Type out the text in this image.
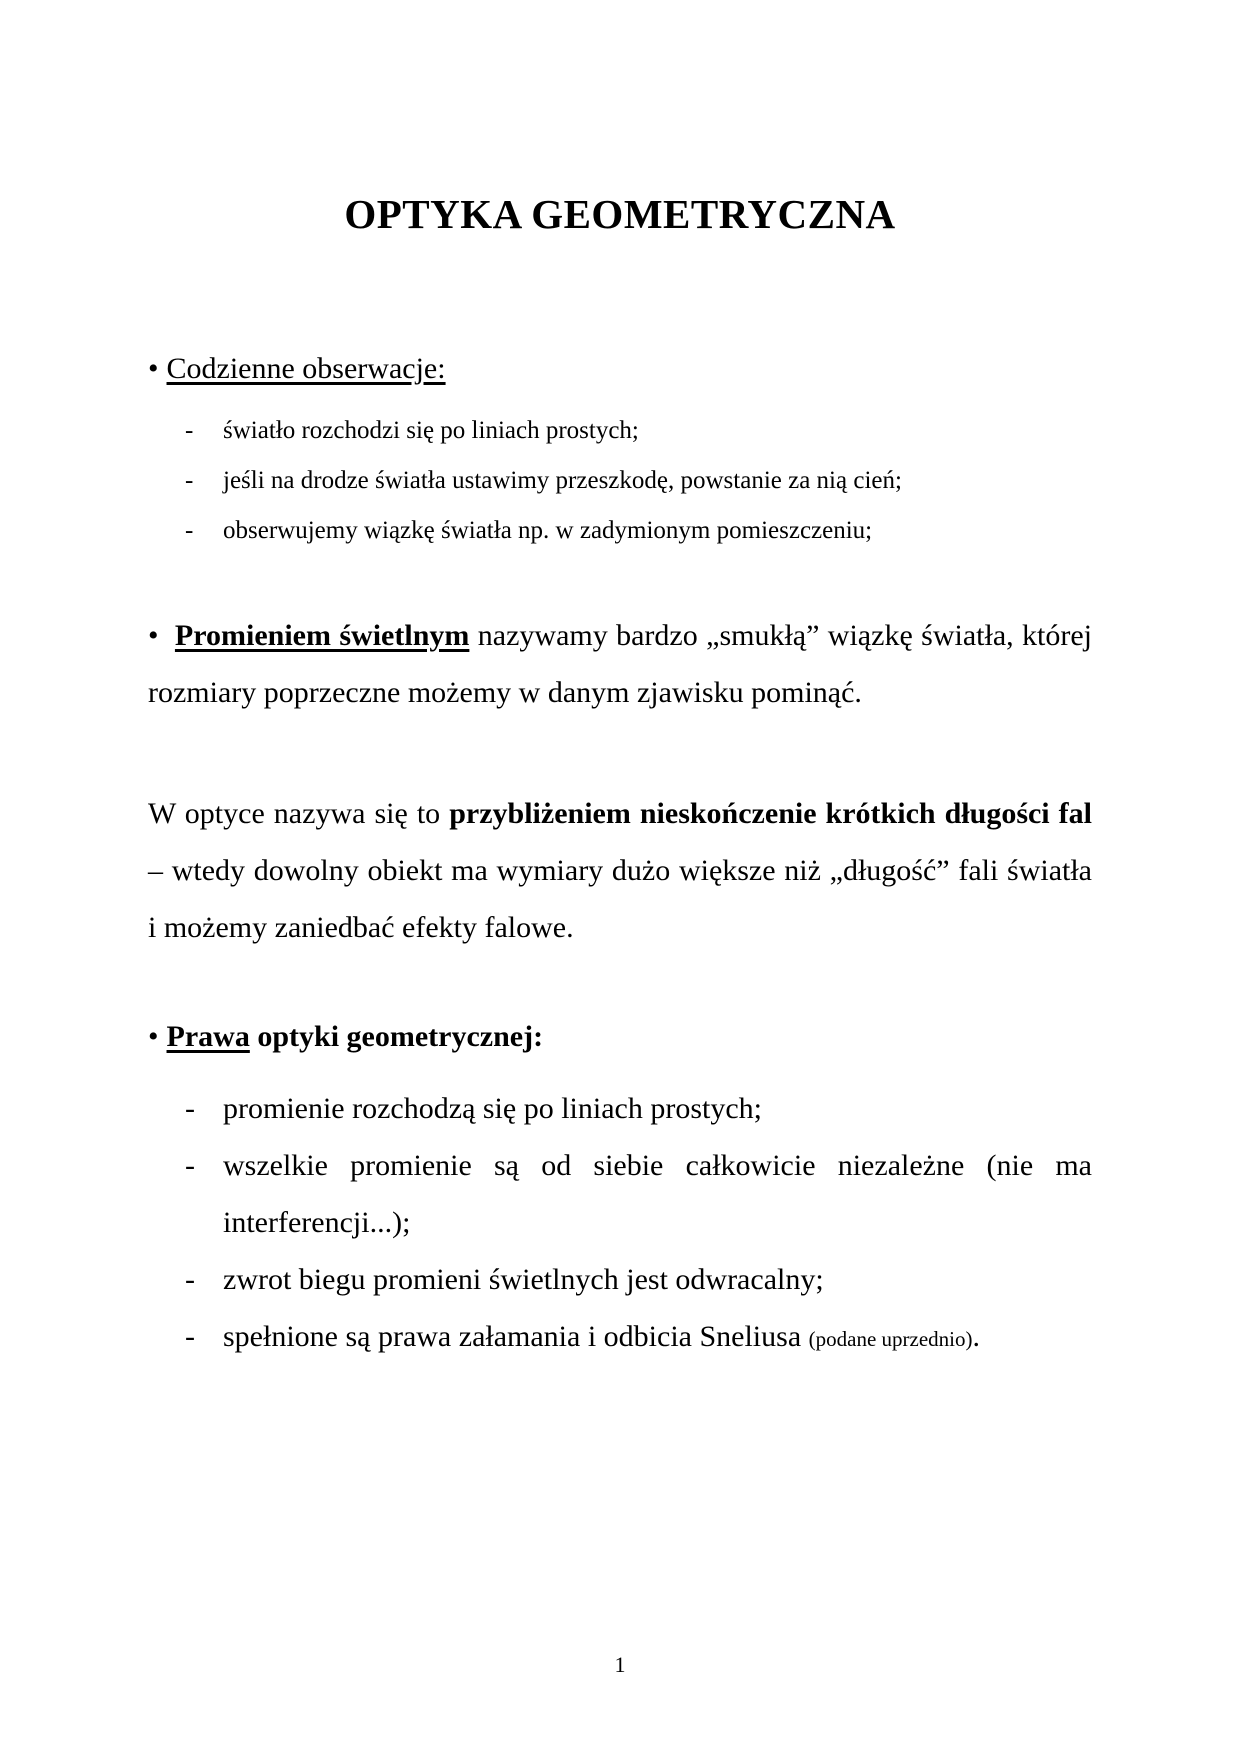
OPTYKA GEOMETRYCZNA
• Codzienne obserwacje:
- światło rozchodzi się po liniach prostych;
- jeśli na drodze światła ustawimy przeszkodę, powstanie za nią cień;
- obserwujemy wiązkę światła np. w zadymionym pomieszczeniu;

• Promieniem świetlnym nazywamy bardzo „smukłą” wiązkę światła, której rozmiary poprzeczne możemy w danym zjawisku pominąć.

W optyce nazywa się to przybliżeniem nieskończenie krótkich długości fal – wtedy dowolny obiekt ma wymiary dużo większe niż „długość” fali światła i możemy zaniedbać efekty falowe.

• Prawa optyki geometrycznej:
- promienie rozchodzą się po liniach prostych;
- wszelkie promienie są od siebie całkowicie niezależne (nie ma interferencji...);
- zwrot biegu promieni świetlnych jest odwracalny;
- spełnione są prawa załamania i odbicia Sneliusa (podane uprzednio).
1
